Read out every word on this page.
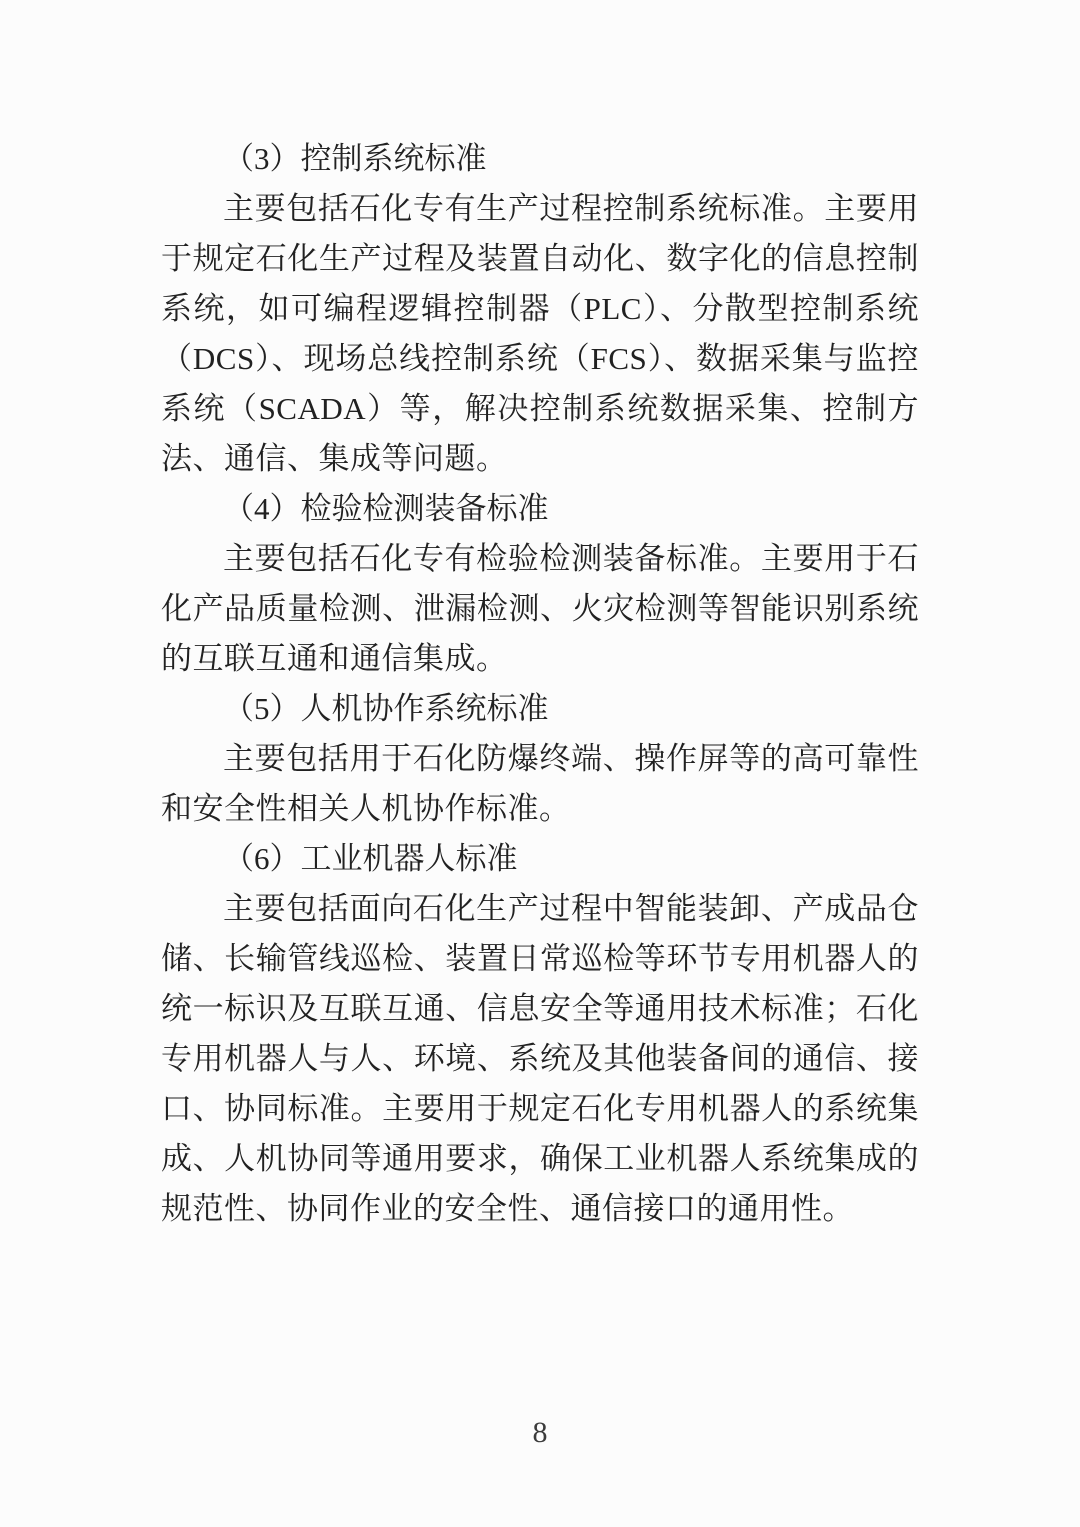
（3）控制系统标准

主要包括石化专有生产过程控制系统标准。主要用于规定石化生产过程及装置自动化、数字化的信息控制系统，如可编程逻辑控制器（PLC）、分散型控制系统（DCS）、现场总线控制系统（FCS）、数据采集与监控系统（SCADA）等，解决控制系统数据采集、控制方法、通信、集成等问题。

（4）检验检测装备标准

主要包括石化专有检验检测装备标准。主要用于石化产品质量检测、泄漏检测、火灾检测等智能识别系统的互联互通和通信集成。

（5）人机协作系统标准

主要包括用于石化防爆终端、操作屏等的高可靠性和安全性相关人机协作标准。

（6）工业机器人标准

主要包括面向石化生产过程中智能装卸、产成品仓储、长输管线巡检、装置日常巡检等环节专用机器人的统一标识及互联互通、信息安全等通用技术标准；石化专用机器人与人、环境、系统及其他装备间的通信、接口、协同标准。主要用于规定石化专用机器人的系统集成、人机协同等通用要求，确保工业机器人系统集成的规范性、协同作业的安全性、通信接口的通用性。

8
